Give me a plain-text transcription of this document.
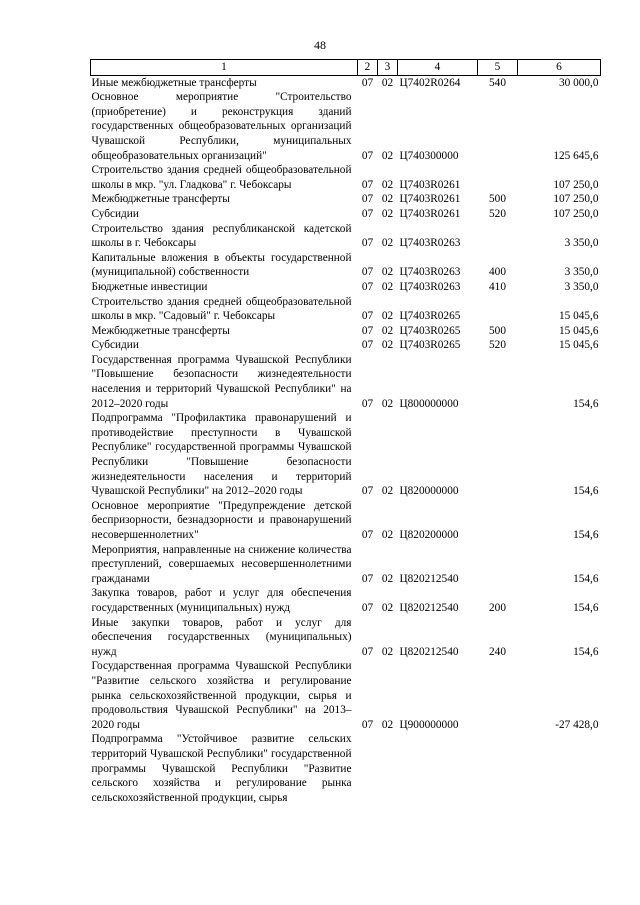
48
1	2	3	4	5	6
Иные межбюджетные трансферты	07	02	Ц7402R0264	540	30 000,0
Основное мероприятие "Строительство (приобретение) и реконструкция зданий государственных общеобразовательных организаций Чувашской Республики, муниципальных общеобразовательных организаций"	07	02	Ц740300000		125 645,6
Строительство здания средней общеобразовательной школы в мкр. "ул. Гладкова" г. Чебоксары	07	02	Ц7403R0261		107 250,0
Межбюджетные трансферты	07	02	Ц7403R0261	500	107 250,0
Субсидии	07	02	Ц7403R0261	520	107 250,0
Строительство здания республиканской кадетской школы в г. Чебоксары	07	02	Ц7403R0263		3 350,0
Капитальные вложения в объекты государственной (муниципальной) собственности	07	02	Ц7403R0263	400	3 350,0
Бюджетные инвестиции	07	02	Ц7403R0263	410	3 350,0
Строительство здания средней общеобразовательной школы в мкр. "Садовый" г. Чебоксары	07	02	Ц7403R0265		15 045,6
Межбюджетные трансферты	07	02	Ц7403R0265	500	15 045,6
Субсидии	07	02	Ц7403R0265	520	15 045,6
Государственная программа Чувашской Республики "Повышение безопасности жизнедеятельности населения и территорий Чувашской Республики" на 2012–2020 годы	07	02	Ц800000000		154,6
Подпрограмма "Профилактика правонарушений и противодействие преступности в Чувашской Республике" государственной программы Чувашской Республики "Повышение безопасности жизнедеятельности населения и территорий Чувашской Республики" на 2012–2020 годы	07	02	Ц820000000		154,6
Основное мероприятие "Предупреждение детской беспризорности, безнадзорности и правонарушений несовершеннолетних"	07	02	Ц820200000		154,6
Мероприятия, направленные на снижение количества преступлений, совершаемых несовершеннолетними гражданами	07	02	Ц820212540		154,6
Закупка товаров, работ и услуг для обеспечения государственных (муниципальных) нужд	07	02	Ц820212540	200	154,6
Иные закупки товаров, работ и услуг для обеспечения государственных (муниципальных) нужд	07	02	Ц820212540	240	154,6
Государственная программа Чувашской Республики "Развитие сельского хозяйства и регулирование рынка сельскохозяйственной продукции, сырья и продовольствия Чувашской Республики" на 2013–2020 годы	07	02	Ц900000000		-27 428,0
Подпрограмма "Устойчивое развитие сельских территорий Чувашской Республики" государственной программы Чувашской Республики "Развитие сельского хозяйства и регулирование рынка сельскохозяйственной продукции, сырья					
